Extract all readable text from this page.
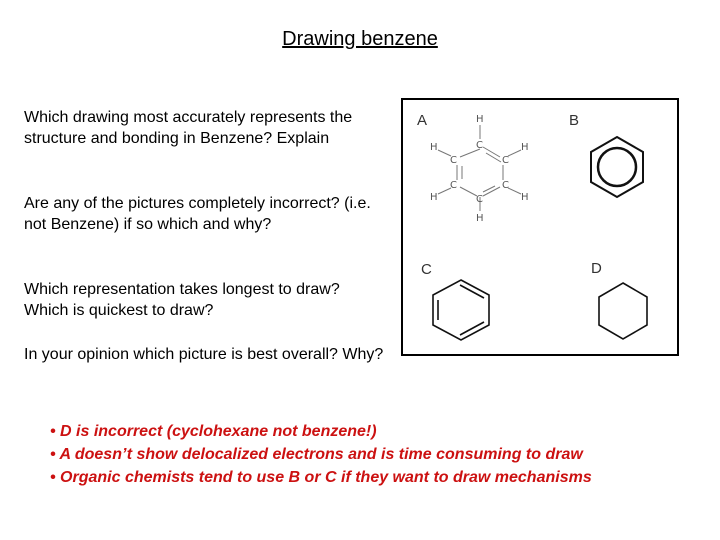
Drawing benzene

Which drawing most accurately represents the structure and bonding in Benzene? Explain

Are any of the pictures completely incorrect? (i.e. not Benzene) if so which and why?

Which representation takes longest to draw? Which is quickest to draw?

In your opinion which picture is best overall? Why?

A	B
C	D
H
C
C	C
C	C
C
H	H
H	H
H
• D is incorrect (cyclohexane not benzene!)
• A doesn’t show delocalized electrons and is time consuming to draw
• Organic chemists tend to use B or C if they want to draw mechanisms
